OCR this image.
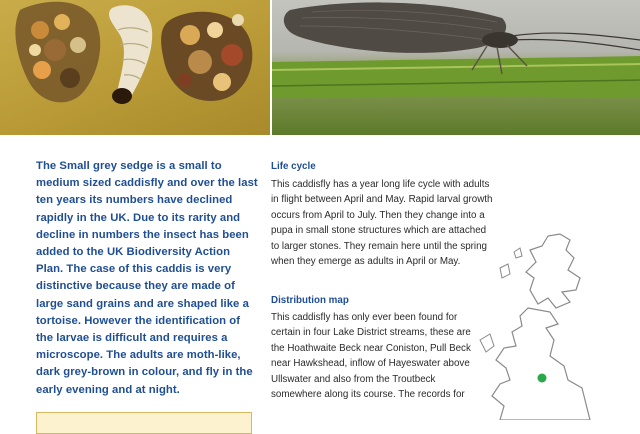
The Small grey sedge is a small to medium sized caddisfly and over the last ten years its numbers have declined rapidly in the UK. Due to its rarity and decline in numbers the insect has been added to the UK Biodiversity Action Plan. The case of this caddis is very distinctive because they are made of large sand grains and are shaped like a tortoise. However the identification of the larvae is difficult and requires a microscope. The adults are moth-like, dark grey-brown in colour, and fly in the early evening and at night.

Life cycle

This caddisfly has a year long life cycle with adults in flight between April and May. Rapid larval growth occurs from April to July. Then they change into a pupa in small stone structures which are attached to larger stones. They remain here until the spring when they emerge as adults in April or May.

Distribution map

This caddisfly has only ever been found for certain in four Lake District streams, these are the Hoathwaite Beck near Coniston, Pull Beck near Hawkshead, inflow of Hayeswater above Ullswater and also from the Troutbeck somewhere along its course. The records for
